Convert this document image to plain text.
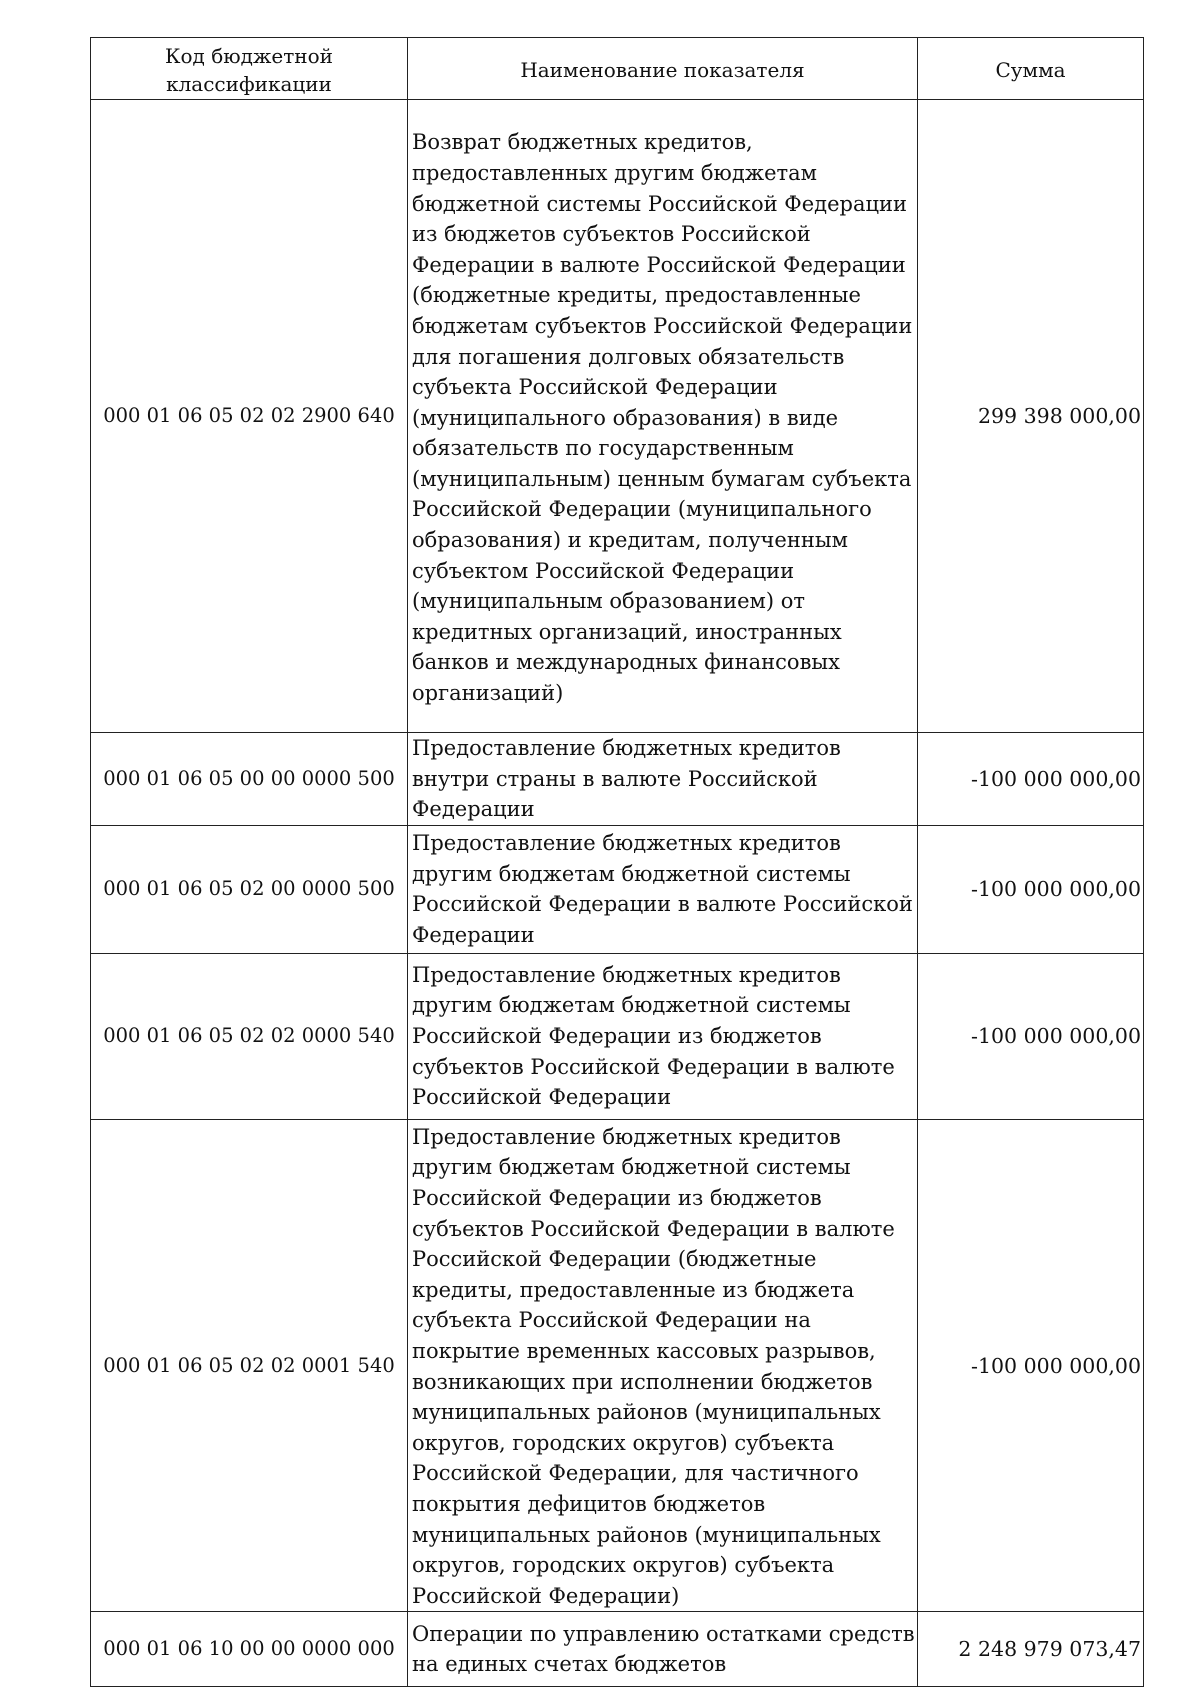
Код бюджетной классификации	Наименование показателя	Сумма

000 01 06 05 02 02 2900 640	Возврат бюджетных кредитов, предоставленных другим бюджетам бюджетной системы Российской Федерации из бюджетов субъектов Российской Федерации в валюте Российской Федерации (бюджетные кредиты, предоставленные бюджетам субъектов Российской Федерации для погашения долговых обязательств субъекта Российской Федерации (муниципального образования) в виде обязательств по государственным (муниципальным) ценным бумагам субъекта Российской Федерации (муниципального образования) и кредитам, полученным субъектом Российской Федерации (муниципальным образованием) от кредитных организаций, иностранных банков и международных финансовых организаций)	299 398 000,00
000 01 06 05 00 00 0000 500	Предоставление бюджетных кредитов внутри страны в валюте Российской Федерации	-100 000 000,00
000 01 06 05 02 00 0000 500	Предоставление бюджетных кредитов другим бюджетам бюджетной системы Российской Федерации в валюте Российской Федерации	-100 000 000,00
000 01 06 05 02 02 0000 540	Предоставление бюджетных кредитов другим бюджетам бюджетной системы Российской Федерации из бюджетов субъектов Российской Федерации в валюте Российской Федерации	-100 000 000,00
000 01 06 05 02 02 0001 540	Предоставление бюджетных кредитов другим бюджетам бюджетной системы Российской Федерации из бюджетов субъектов Российской Федерации в валюте Российской Федерации (бюджетные кредиты, предоставленные из бюджета субъекта Российской Федерации на покрытие временных кассовых разрывов, возникающих при исполнении бюджетов муниципальных районов (муниципальных округов, городских округов) субъекта Российской Федерации, для частичного покрытия дефицитов бюджетов муниципальных районов (муниципальных округов, городских округов) субъекта Российской Федерации)	-100 000 000,00
000 01 06 10 00 00 0000 000	Операции по управлению остатками средств на единых счетах бюджетов	2 248 979 073,47
